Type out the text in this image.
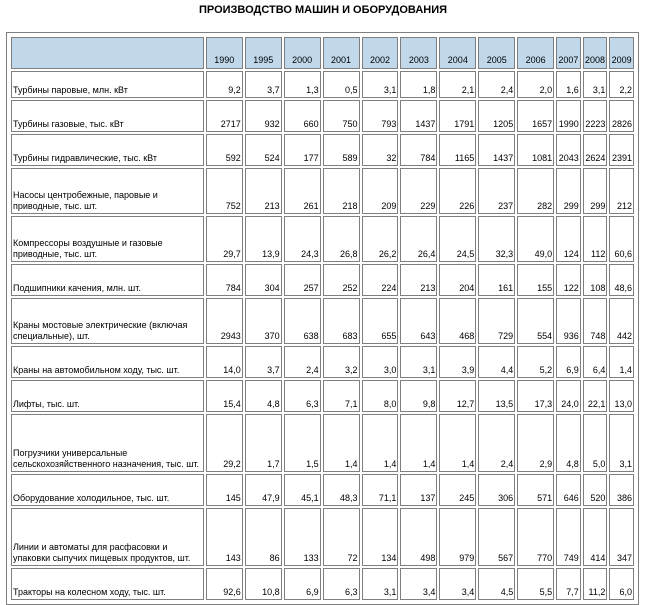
ПРОИЗВОДСТВО МАШИН И ОБОРУДОВАНИЯ
	1990	1995	2000	2001	2002	2003	2004	2005	2006	2007	2008	2009
Турбины паровые, млн. кВт	9,2	3,7	1,3	0,5	3,1	1,8	2,1	2,4	2,0	1,6	3,1	2,2
Турбины газовые, тыс. кВт	2717	932	660	750	793	1437	1791	1205	1657	1990	2223	2826
Турбины гидравлические, тыс. кВт	592	524	177	589	32	784	1165	1437	1081	2043	2624	2391
Насосы центробежные, паровые и приводные, тыс. шт.	752	213	261	218	209	229	226	237	282	299	299	212
Компрессоры воздушные и газовые приводные, тыс. шт.	29,7	13,9	24,3	26,8	26,2	26,4	24,5	32,3	49,0	124	112	60,6
Подшипники качения, млн. шт.	784	304	257	252	224	213	204	161	155	122	108	48,6
Краны мостовые электрические (включая специальные), шт.	2943	370	638	683	655	643	468	729	554	936	748	442
Краны на автомобильном ходу, тыс. шт.	14,0	3,7	2,4	3,2	3,0	3,1	3,9	4,4	5,2	6,9	6,4	1,4
Лифты, тыс. шт.	15,4	4,8	6,3	7,1	8,0	9,8	12,7	13,5	17,3	24,0	22,1	13,0
Погрузчики универсальные сельскохозяйственного назначения, тыс. шт.	29,2	1,7	1,5	1,4	1,4	1,4	1,4	2,4	2,9	4,8	5,0	3,1
Оборудование холодильное, тыс. шт.	145	47,9	45,1	48,3	71,1	137	245	306	571	646	520	386
Линии и автоматы для расфасовки и упаковки сыпучих пищевых продуктов, шт.	143	86	133	72	134	498	979	567	770	749	414	347
Тракторы на колесном ходу, тыс. шт.	92,6	10,8	6,9	6,3	3,1	3,4	3,4	4,5	5,5	7,7	11,2	6,0
